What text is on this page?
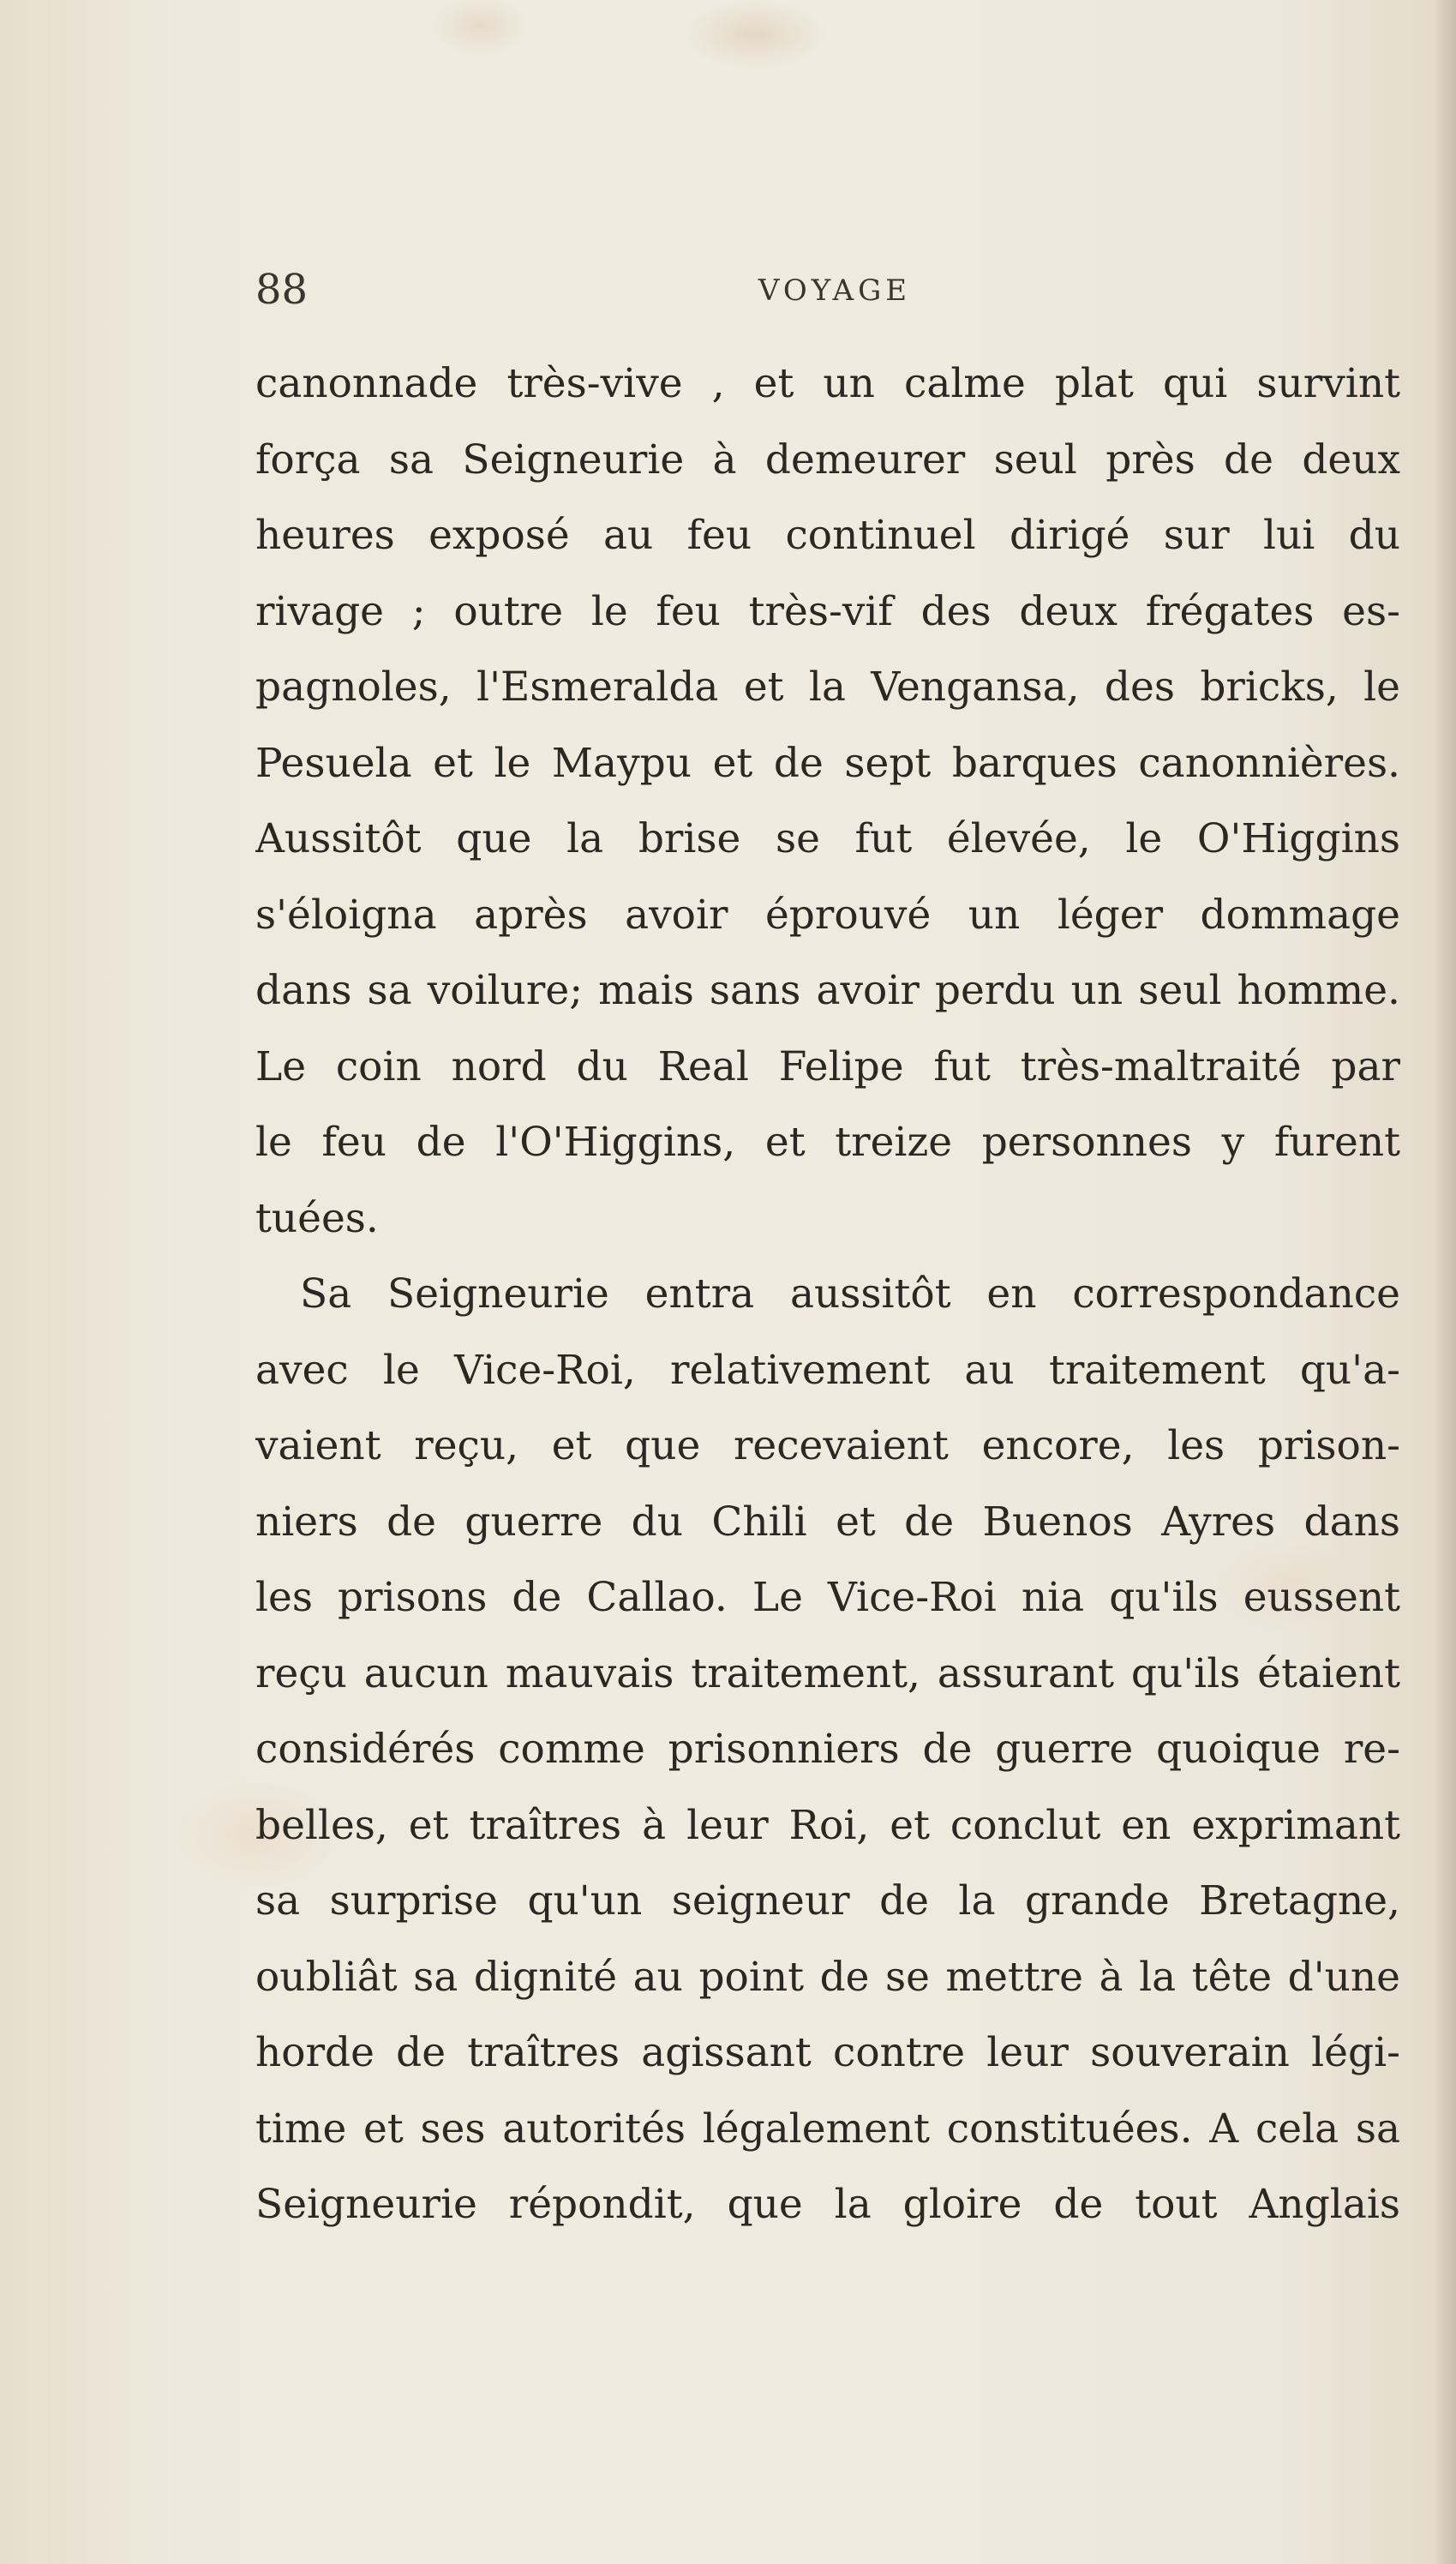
88	VOYAGE
canonnade très-vive , et un calme plat qui survint
força sa Seigneurie à demeurer seul près de deux
heures exposé au feu continuel dirigé sur lui du
rivage ; outre le feu très-vif des deux frégates es-
pagnoles, l'Esmeralda et la Vengansa, des bricks, le
Pesuela et le Maypu et de sept barques canonnières.
Aussitôt que la brise se fut élevée, le O'Higgins
s'éloigna après avoir éprouvé un léger dommage
dans sa voilure; mais sans avoir perdu un seul homme.
Le coin nord du Real Felipe fut très-maltraité par
le feu de l'O'Higgins, et treize personnes y furent
tuées.
Sa Seigneurie entra aussitôt en correspondance
avec le Vice-Roi, relativement au traitement qu'a-
vaient reçu, et que recevaient encore, les prison-
niers de guerre du Chili et de Buenos Ayres dans
les prisons de Callao. Le Vice-Roi nia qu'ils eussent
reçu aucun mauvais traitement, assurant qu'ils étaient
considérés comme prisonniers de guerre quoique re-
belles, et traîtres à leur Roi, et conclut en exprimant
sa surprise qu'un seigneur de la grande Bretagne,
oubliât sa dignité au point de se mettre à la tête d'une
horde de traîtres agissant contre leur souverain légi-
time et ses autorités légalement constituées. A cela sa
Seigneurie répondit, que la gloire de tout Anglais
